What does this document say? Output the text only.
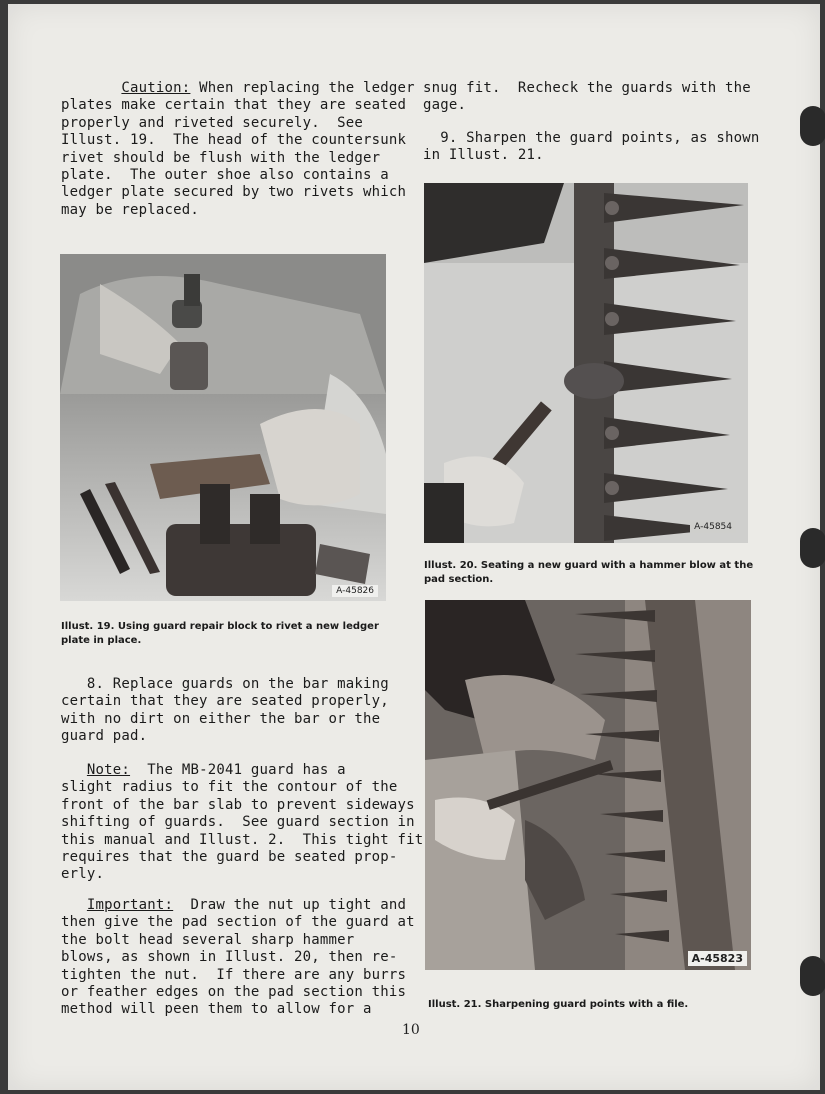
Caution: When replacing the ledger

plates make certain that they are seated

properly and riveted securely.  See

Illust. 19.  The head of the countersunk

rivet should be flush with the ledger

plate.  The outer shoe also contains a

ledger plate secured by two rivets which

may be replaced.

A-45826
Illust. 19. Using guard repair block to rivet a new ledger plate in place.

8. Replace guards on the bar making

certain that they are seated properly,

with no dirt on either the bar or the

guard pad.

Note:  The MB-2041 guard has a

slight radius to fit the contour of the

front of the bar slab to prevent sideways

shifting of guards.  See guard section in

this manual and Illust. 2.  This tight fit

requires that the guard be seated prop-

erly.

Important:  Draw the nut up tight and

then give the pad section of the guard at

the bolt head several sharp hammer

blows, as shown in Illust. 20, then re-

tighten the nut.  If there are any burrs

or feather edges on the pad section this

method will peen them to allow for a

snug fit.  Recheck the guards with the

gage.

9. Sharpen the guard points, as shown

in Illust. 21.

A-45854
Illust. 20. Seating a new guard with a hammer blow at the pad section.
A-45823
Illust. 21. Sharpening guard points with a file.
10
